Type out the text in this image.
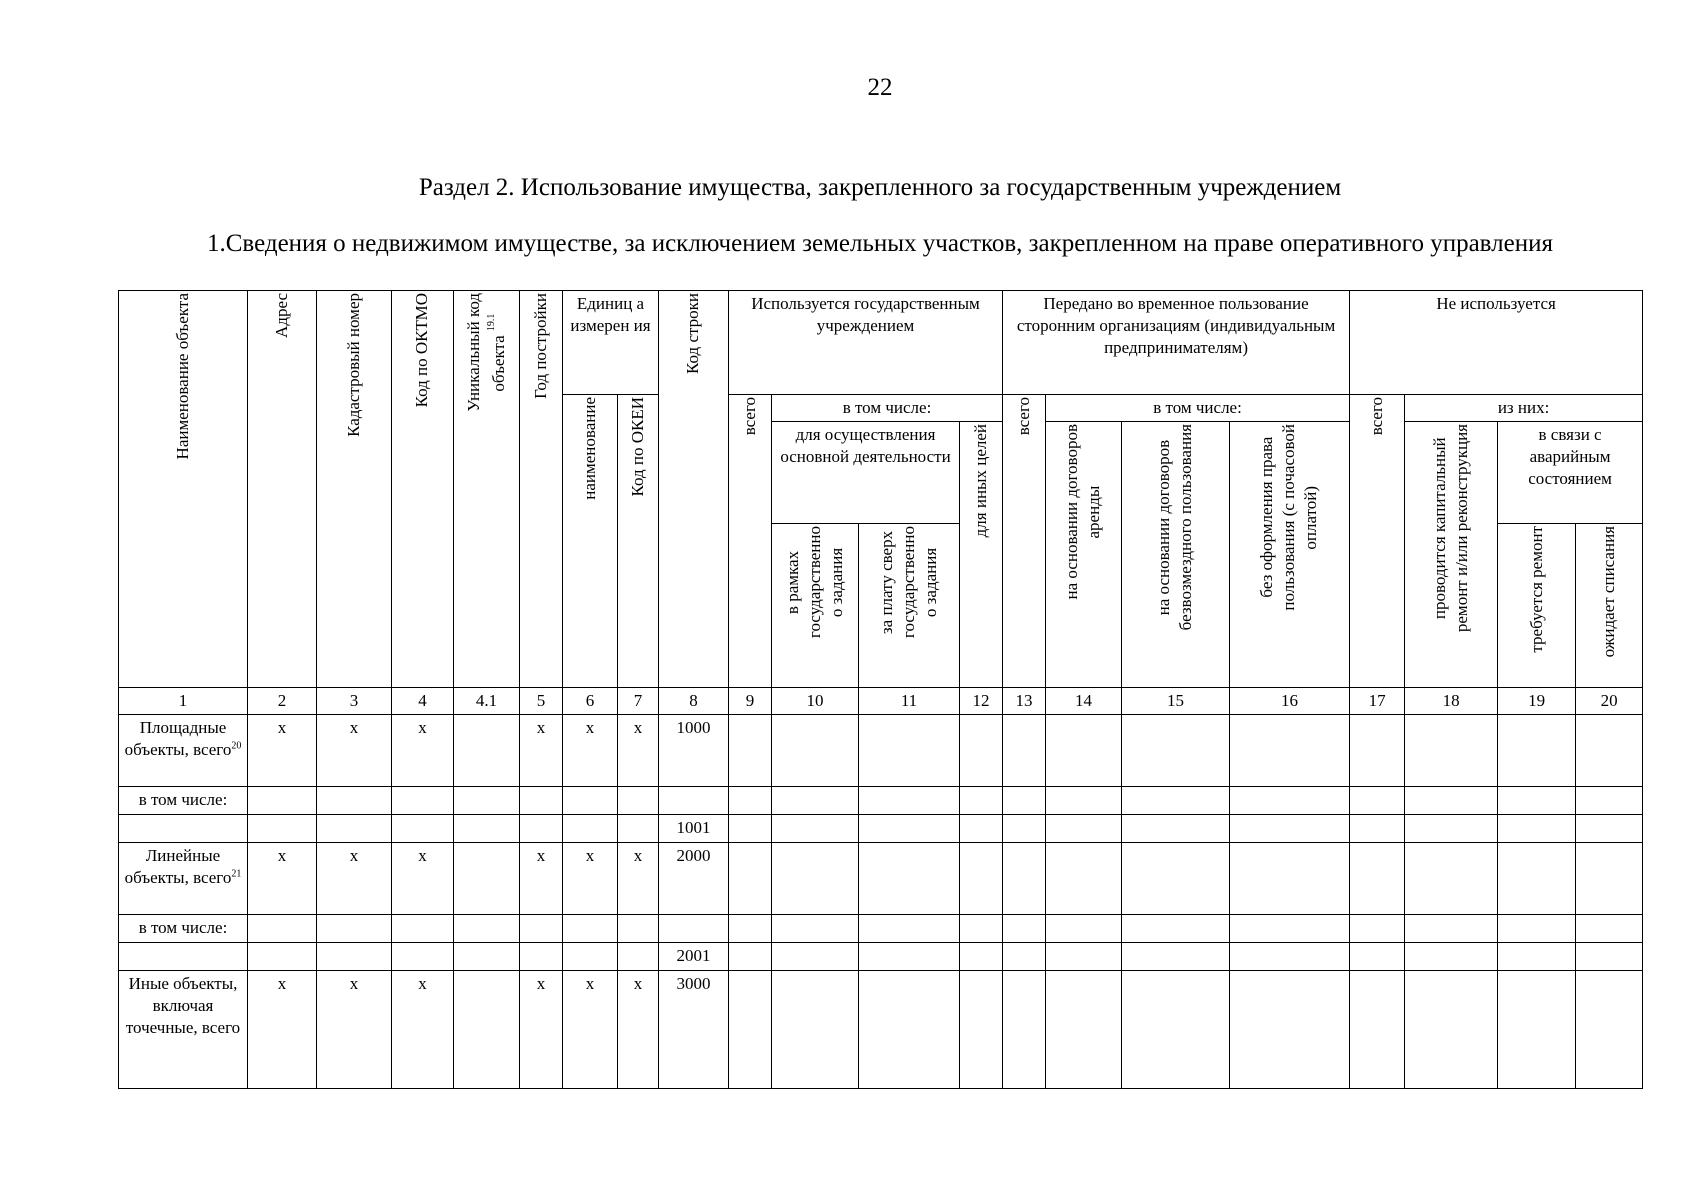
22
Раздел 2. Использование имущества, закрепленного за государственным учреждением
1.Сведения о недвижимом имуществе, за исключением земельных участков, закрепленном на праве оперативного управления
Наименование объекта	Адрес	Кадастровый номер	Код по ОКТМО	Уникальный код объекта $^{19.1}$	Год постройки	Единиц а измерен ия		Код строки	Используется государственным учреждением				Передано во временное пользование сторонним организациям (индивидуальным предпринимателям)				Не используется			

						наименование	Код по ОКЕИ		всего	в том числе:			всего	в том числе:			всего	из них:		
										для осуществления основной деятельности		для иных целей		на основании договоров аренды	на основании договоров безвозмездного пользования	без оформления права пользования (с почасовой оплатой)		проводится капитальный ремонт и/или реконструкция	в связи с аварийным состоянием	

										в рамках государственно о задания	за плату сверх государственно о задания								требуется ремонт	ожидает списания

1	2	3	4	4.1	5	6	7	8	9	10	11	12	13	14	15	16	17	18	19	20
Площадные объекты, всего$^{20}$	x	x	x		x	x	x	1000												
в том числе:																				
								1001												
Линейные объекты, всего$^{21}$	x	x	x		x	x	x	2000												
в том числе:																				
								2001												
Иные объекты, включая точечные, всего	x	x	x		x	x	x	3000												
